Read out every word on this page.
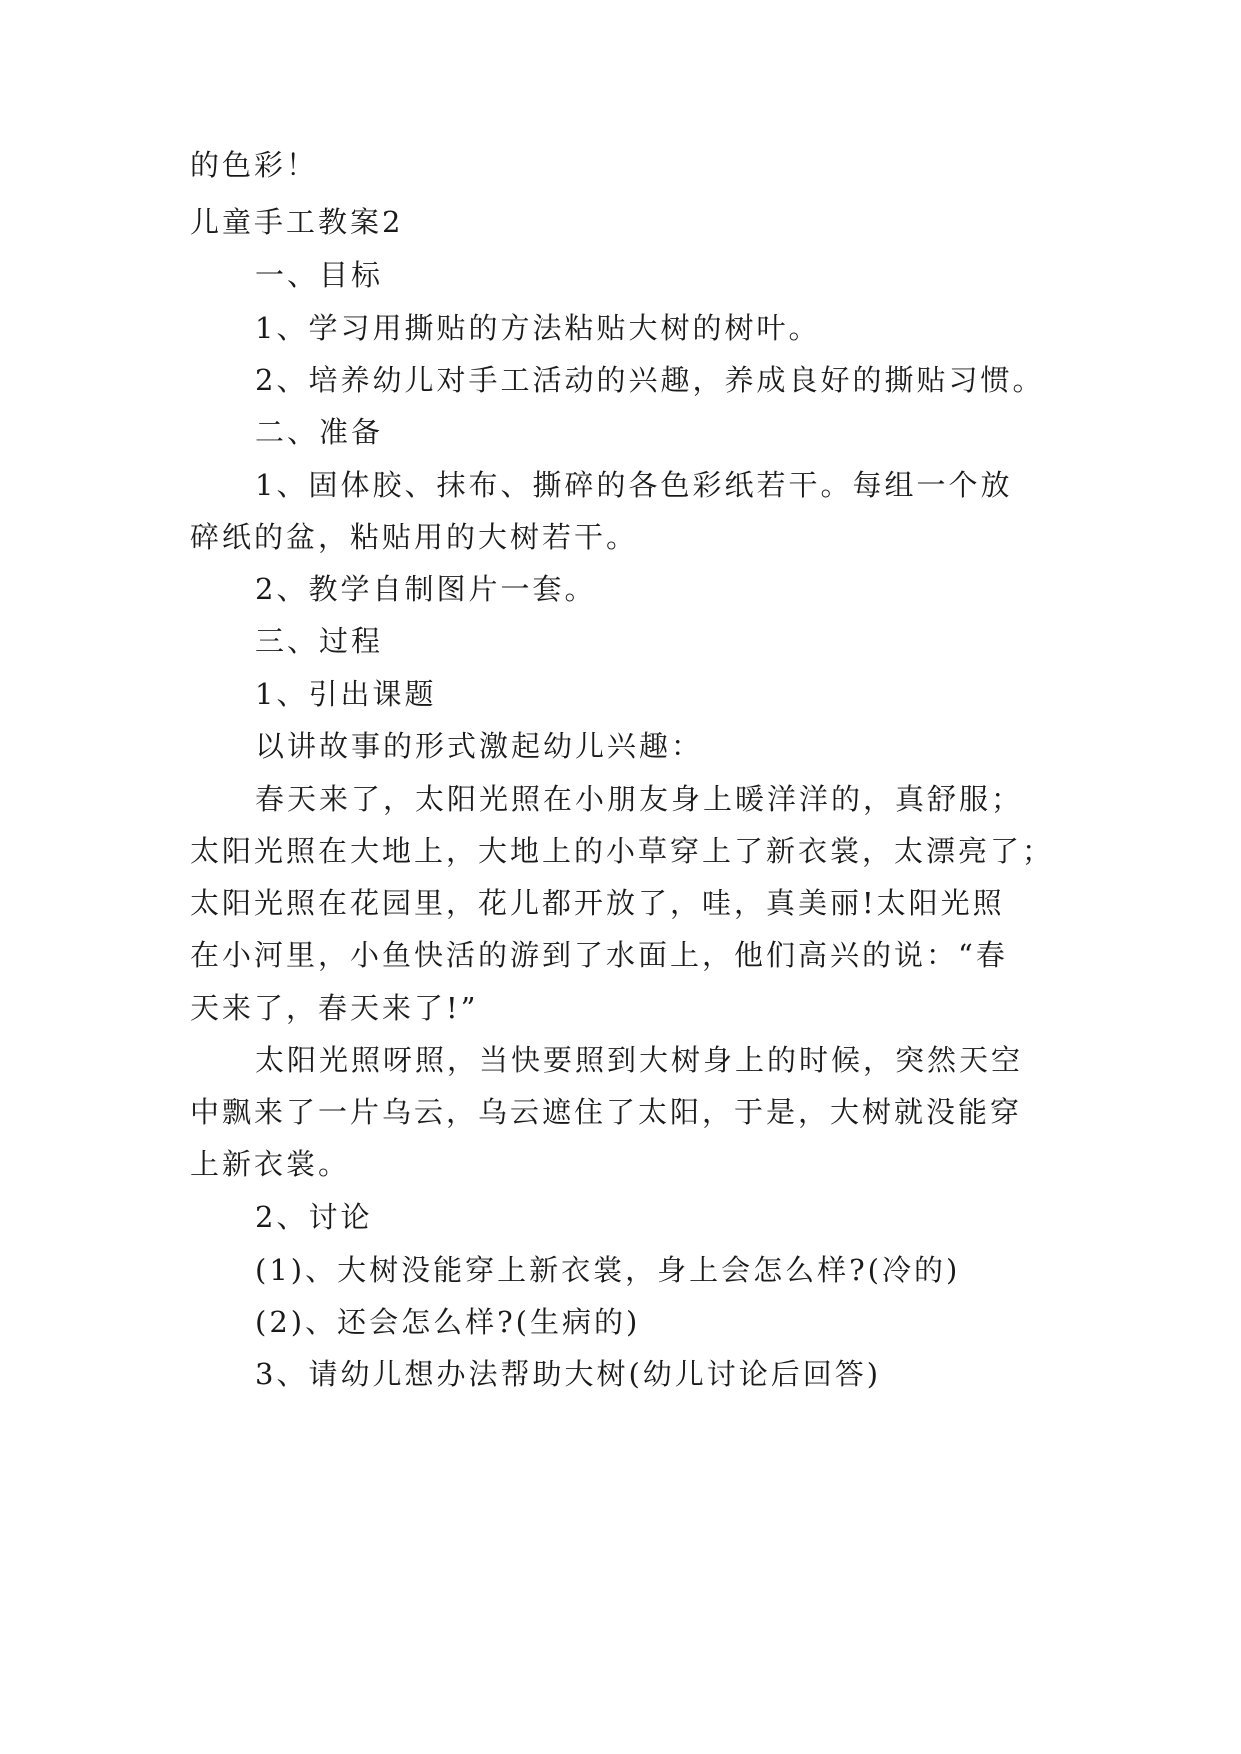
的色彩！
儿童手工教案2
一、目标
1、学习用撕贴的方法粘贴大树的树叶。
2、培养幼儿对手工活动的兴趣，养成良好的撕贴习惯。
二、准备
1、固体胶、抹布、撕碎的各色彩纸若干。每组一个放
碎纸的盆，粘贴用的大树若干。
2、教学自制图片一套。
三、过程
1、引出课题
以讲故事的形式激起幼儿兴趣：
春天来了，太阳光照在小朋友身上暖洋洋的，真舒服；
太阳光照在大地上，大地上的小草穿上了新衣裳，太漂亮了；
太阳光照在花园里，花儿都开放了，哇，真美丽!太阳光照
在小河里，小鱼快活的游到了水面上，他们高兴的说：“春
天来了，春天来了!”
太阳光照呀照，当快要照到大树身上的时候，突然天空
中飘来了一片乌云，乌云遮住了太阳，于是，大树就没能穿
上新衣裳。
2、讨论
(1)、大树没能穿上新衣裳，身上会怎么样?(冷的)
(2)、还会怎么样?(生病的)
3、请幼儿想办法帮助大树(幼儿讨论后回答)
